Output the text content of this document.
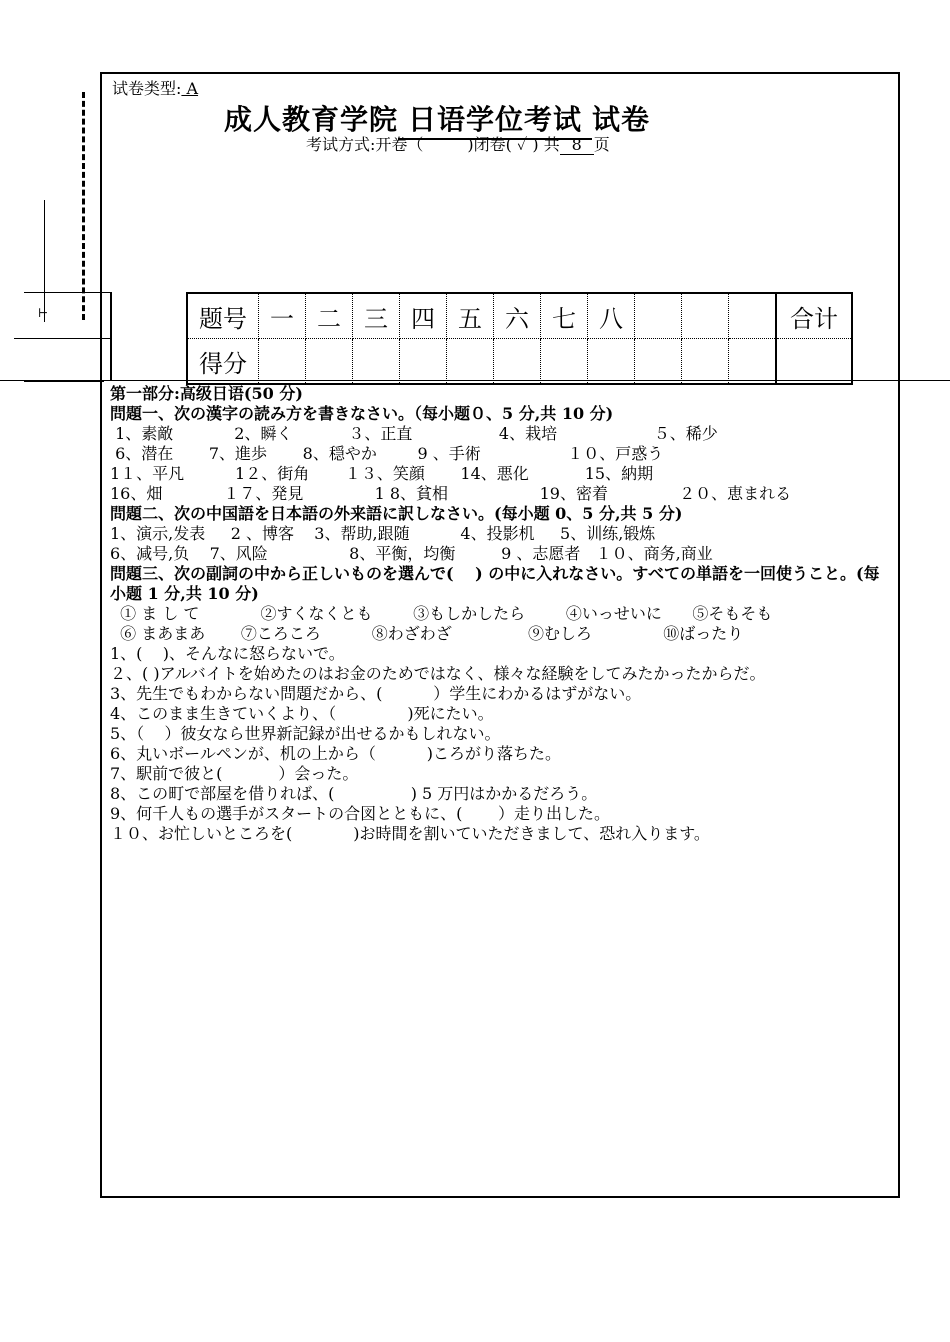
⊢
试卷类型: A
成人教育学院 日语学位考试 试卷
考试方式:开卷（	)闭卷( ✓ ) 共 8 页
题号	一	二	三	四	五	六	七	八				合计
得分												
第一部分:高级日语(50 分)
問題一、次の漢字の読み方を書きなさい。（每小题０、5 分,共 10 分)
1、素敵            2、瞬く           ３、正直                 4、栽培                   ５、稀少
6、潜在       7、進歩       8、穏やか        9 、手術                 １０、戸惑う
1１、平凡          1２、街角       １３、笑顔       14、悪化           15、納期
16、畑            １７、発見              1 8、貧相                  19、密着              ２０、恵まれる
問題二、次の中国語を日本語の外来語に訳しなさい。(每小题 0、5 分,共 5 分)
1、演示,发表     2 、博客    3、帮助,跟随          4、投影机     5、训练,锻炼
6、减号,负    7、风险                8、平衡，均衡         9 、志愿者   １０、商务,商业
問題三、次の副詞の中から正しいものを選んで(　 ) の中に入れなさい。すべての単語を一回使うこと。(每小题 1 分,共 10 分)
① ま し て            ②すくなくとも        ③もしかしたら        ④いっせいに      ⑤そもそも
⑥ まあまあ       ⑦ころころ          ⑧わざわざ               ⑨むしろ              ⑩ばったり
1、(    )、そんなに怒らないで。
２、( )アルバイトを始めたのはお金のためではなく、様々な経験をしてみたかったからだ。
3、先生でもわからない問題だから、(          ）学生にわかるはずがない。
4、このまま生きていくより、（              )死にたい。
5、（    ）彼女なら世界新記録が出せるかもしれない。
6、丸いボールペンが、机の上から（          )ころがり落ちた。
7、駅前で彼と(           ）会った。
8、この町で部屋を借りれば、(               ) 5 万円はかかるだろう。
9、何千人もの選手がスタートの合図とともに、(       ）走り出した。
１０、お忙しいところを(            )お時間を割いていただきまして、恐れ入ります。
